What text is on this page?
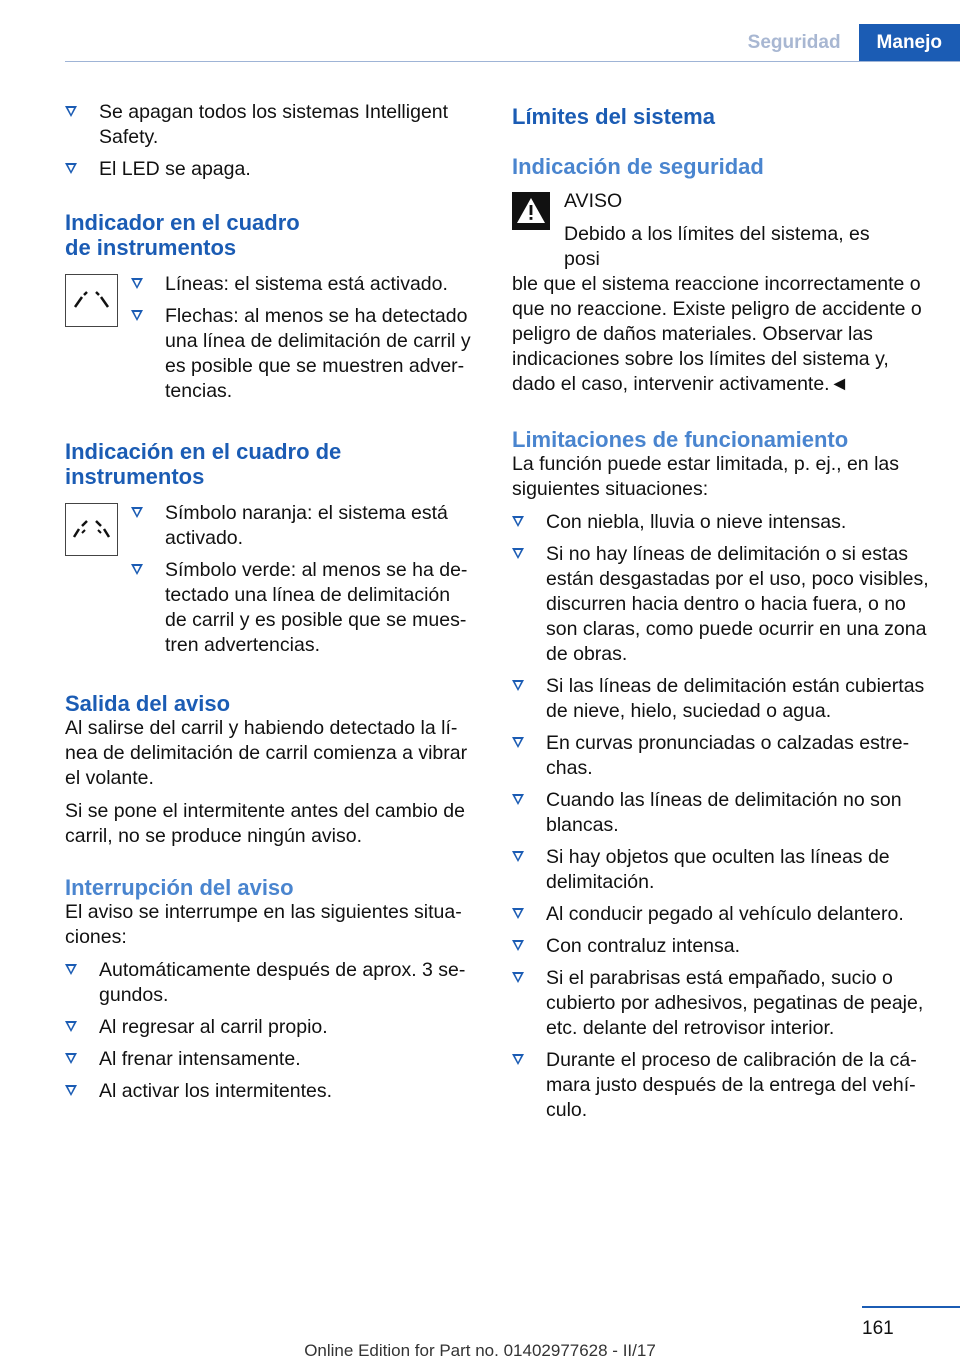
Seguridad	Manejo
Se apagan todos los sistemas Intelligent Safety.
El LED se apaga.
Indicador en el cuadro
de instrumentos
Líneas: el sistema está activado.
Flechas: al menos se ha detectado una línea de delimitación de carril y es posible que se muestren advertencias.
Indicación en el cuadro de
instrumentos
Símbolo naranja: el sistema está activado.
Símbolo verde: al menos se ha detectado una línea de delimitación de carril y es posible que se muestren advertencias.
Salida del aviso

Al salirse del carril y habiendo detectado la línea de delimitación de carril comienza a vibrar el volante.

Si se pone el intermitente antes del cambio de carril, no se produce ningún aviso.

Interrupción del aviso

El aviso se interrumpe en las siguientes situaciones:

Automáticamente después de aprox. 3 segundos.
Al regresar al carril propio.
Al frenar intensamente.
Al activar los intermitentes.
Límites del sistema
Indicación de seguridad
AVISO
Debido a los límites del sistema, es posi

ble que el sistema reaccione incorrectamente o que no reaccione. Existe peligro de accidente o peligro de daños materiales. Observar las indicaciones sobre los límites del sistema y, dado el caso, intervenir activamente.◄

Limitaciones de funcionamiento

La función puede estar limitada, p. ej., en las siguientes situaciones:

Con niebla, lluvia o nieve intensas.
Si no hay líneas de delimitación o si estas están desgastadas por el uso, poco visibles, discurren hacia dentro o hacia fuera, o no son claras, como puede ocurrir en una zona de obras.
Si las líneas de delimitación están cubiertas de nieve, hielo, suciedad o agua.
En curvas pronunciadas o calzadas estrechas.
Cuando las líneas de delimitación no son blancas.
Si hay objetos que oculten las líneas de delimitación.
Al conducir pegado al vehículo delantero.
Con contraluz intensa.
Si el parabrisas está empañado, sucio o cubierto por adhesivos, pegatinas de peaje, etc. delante del retrovisor interior.
Durante el proceso de calibración de la cámara justo después de la entrega del vehículo.
161
Online Edition for Part no. 01402977628 - II/17
